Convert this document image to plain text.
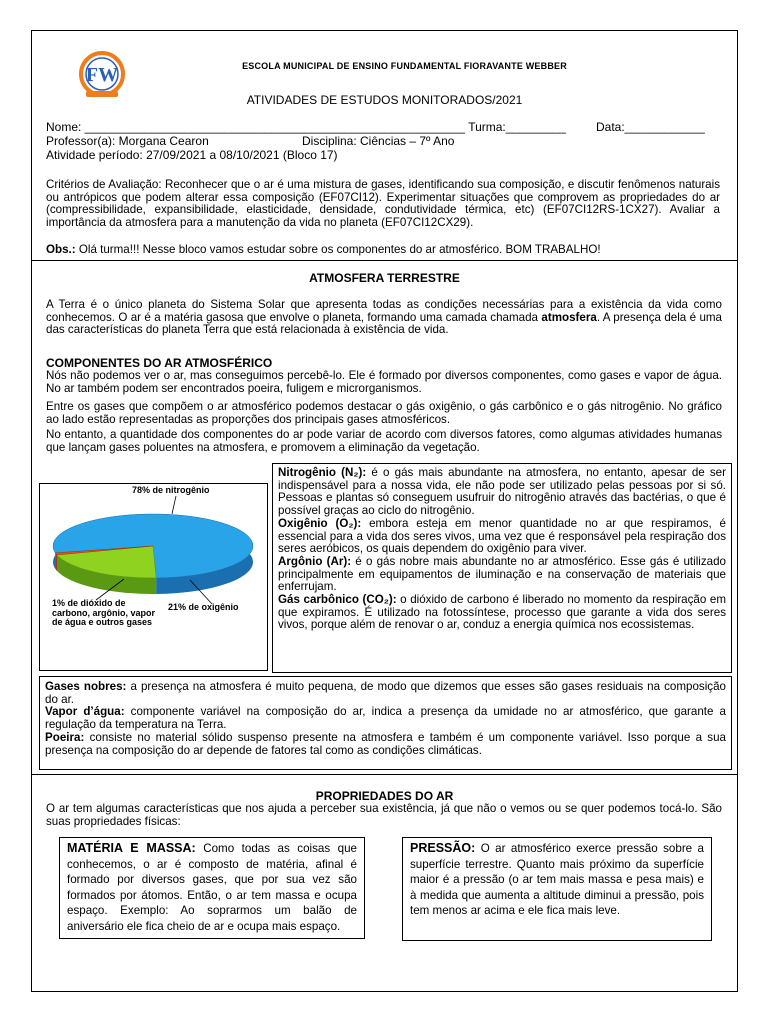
FW	ESCOLA MUNICIPAL DE ENSINO FUNDAMENTAL FIORAVANTE WEBBER
ATIVIDADES DE ESTUDOS MONITORADOS/2021
Nome: _________________________________________________________ Turma:_________	Data:____________
Professor(a): Morgana Cearon	Disciplina: Ciências – 7º Ano
Atividade período: 27/09/2021 a 08/10/2021 (Bloco 17)

Critérios de Avaliação: Reconhecer que o ar é uma mistura de gases, identificando sua composição, e discutir fenômenos naturais ou antrópicos que podem alterar essa composição (EF07CI12). Experimentar situações que comprovem as propriedades do ar (compressibilidade, expansibilidade, elasticidade, densidade, condutividade térmica, etc) (EF07CI12RS-1CX27). Avaliar a importância da atmosfera para a manutenção da vida no planeta (EF07CI12CX29).

Obs.: Olá turma!!! Nesse bloco vamos estudar sobre os componentes do ar atmosférico. BOM TRABALHO!

ATMOSFERA TERRESTRE

A Terra é o único planeta do Sistema Solar que apresenta todas as condições necessárias para a existência da vida como conhecemos. O ar é a matéria gasosa que envolve o planeta, formando uma camada chamada atmosfera. A presença dela é uma das características do planeta Terra que está relacionada à existência de vida.

COMPONENTES DO AR ATMOSFÉRICO

Nós não podemos ver o ar, mas conseguimos percebê-lo. Ele é formado por diversos componentes, como gases e vapor de água. No ar também podem ser encontrados poeira, fuligem e microrganismos.

Entre os gases que compõem o ar atmosférico podemos destacar o gás oxigênio, o gás carbônico e o gás nitrogênio. No gráfico ao lado estão representadas as proporções dos principais gases atmosféricos.

No entanto, a quantidade dos componentes do ar pode variar de acordo com diversos fatores, como algumas atividades humanas que lançam gases poluentes na atmosfera, e promovem a eliminação da vegetação.

78% de nitrogênio
21% de oxigênio
1% de dióxido de carbono, argônio, vapor de água e outros gases

Nitrogênio (N₂): é o gás mais abundante na atmosfera, no entanto, apesar de ser indispensável para a nossa vida, ele não pode ser utilizado pelas pessoas por si só. Pessoas e plantas só conseguem usufruir do nitrogênio através das bactérias, o que é possível graças ao ciclo do nitrogênio.

Oxigênio (O₂): embora esteja em menor quantidade no ar que respiramos, é essencial para a vida dos seres vivos, uma vez que é responsável pela respiração dos seres aeróbicos, os quais dependem do oxigênio para viver.

Argônio (Ar): é o gás nobre mais abundante no ar atmosférico. Esse gás é utilizado principalmente em equipamentos de iluminação e na conservação de materiais que enferrujam.

Gás carbônico (CO₂): o dióxido de carbono é liberado no momento da respiração em que expiramos. É utilizado na fotossíntese, processo que garante a vida dos seres vivos, porque além de renovar o ar, conduz a energia química nos ecossistemas.

Gases nobres: a presença na atmosfera é muito pequena, de modo que dizemos que esses são gases residuais na composição do ar.

Vapor d’água: componente variável na composição do ar, indica a presença da umidade no ar atmosférico, que garante a regulação da temperatura na Terra.

Poeira: consiste no material sólido suspenso presente na atmosfera e também é um componente variável. Isso porque a sua presença na composição do ar depende de fatores tal como as condições climáticas.

PROPRIEDADES DO AR

O ar tem algumas características que nos ajuda a perceber sua existência, já que não o vemos ou se quer podemos tocá-lo. São suas propriedades físicas:

MATÉRIA E MASSA: Como todas as coisas que conhecemos, o ar é composto de matéria, afinal é formado por diversos gases, que por sua vez são formados por átomos. Então, o ar tem massa e ocupa espaço. Exemplo: Ao soprarmos um balão de aniversário ele fica cheio de ar e ocupa mais espaço.

PRESSÃO: O ar atmosférico exerce pressão sobre a superfície terrestre. Quanto mais próximo da superfície maior é a pressão (o ar tem mais massa e pesa mais) e à medida que aumenta a altitude diminui a pressão, pois tem menos ar acima e ele fica mais leve.
